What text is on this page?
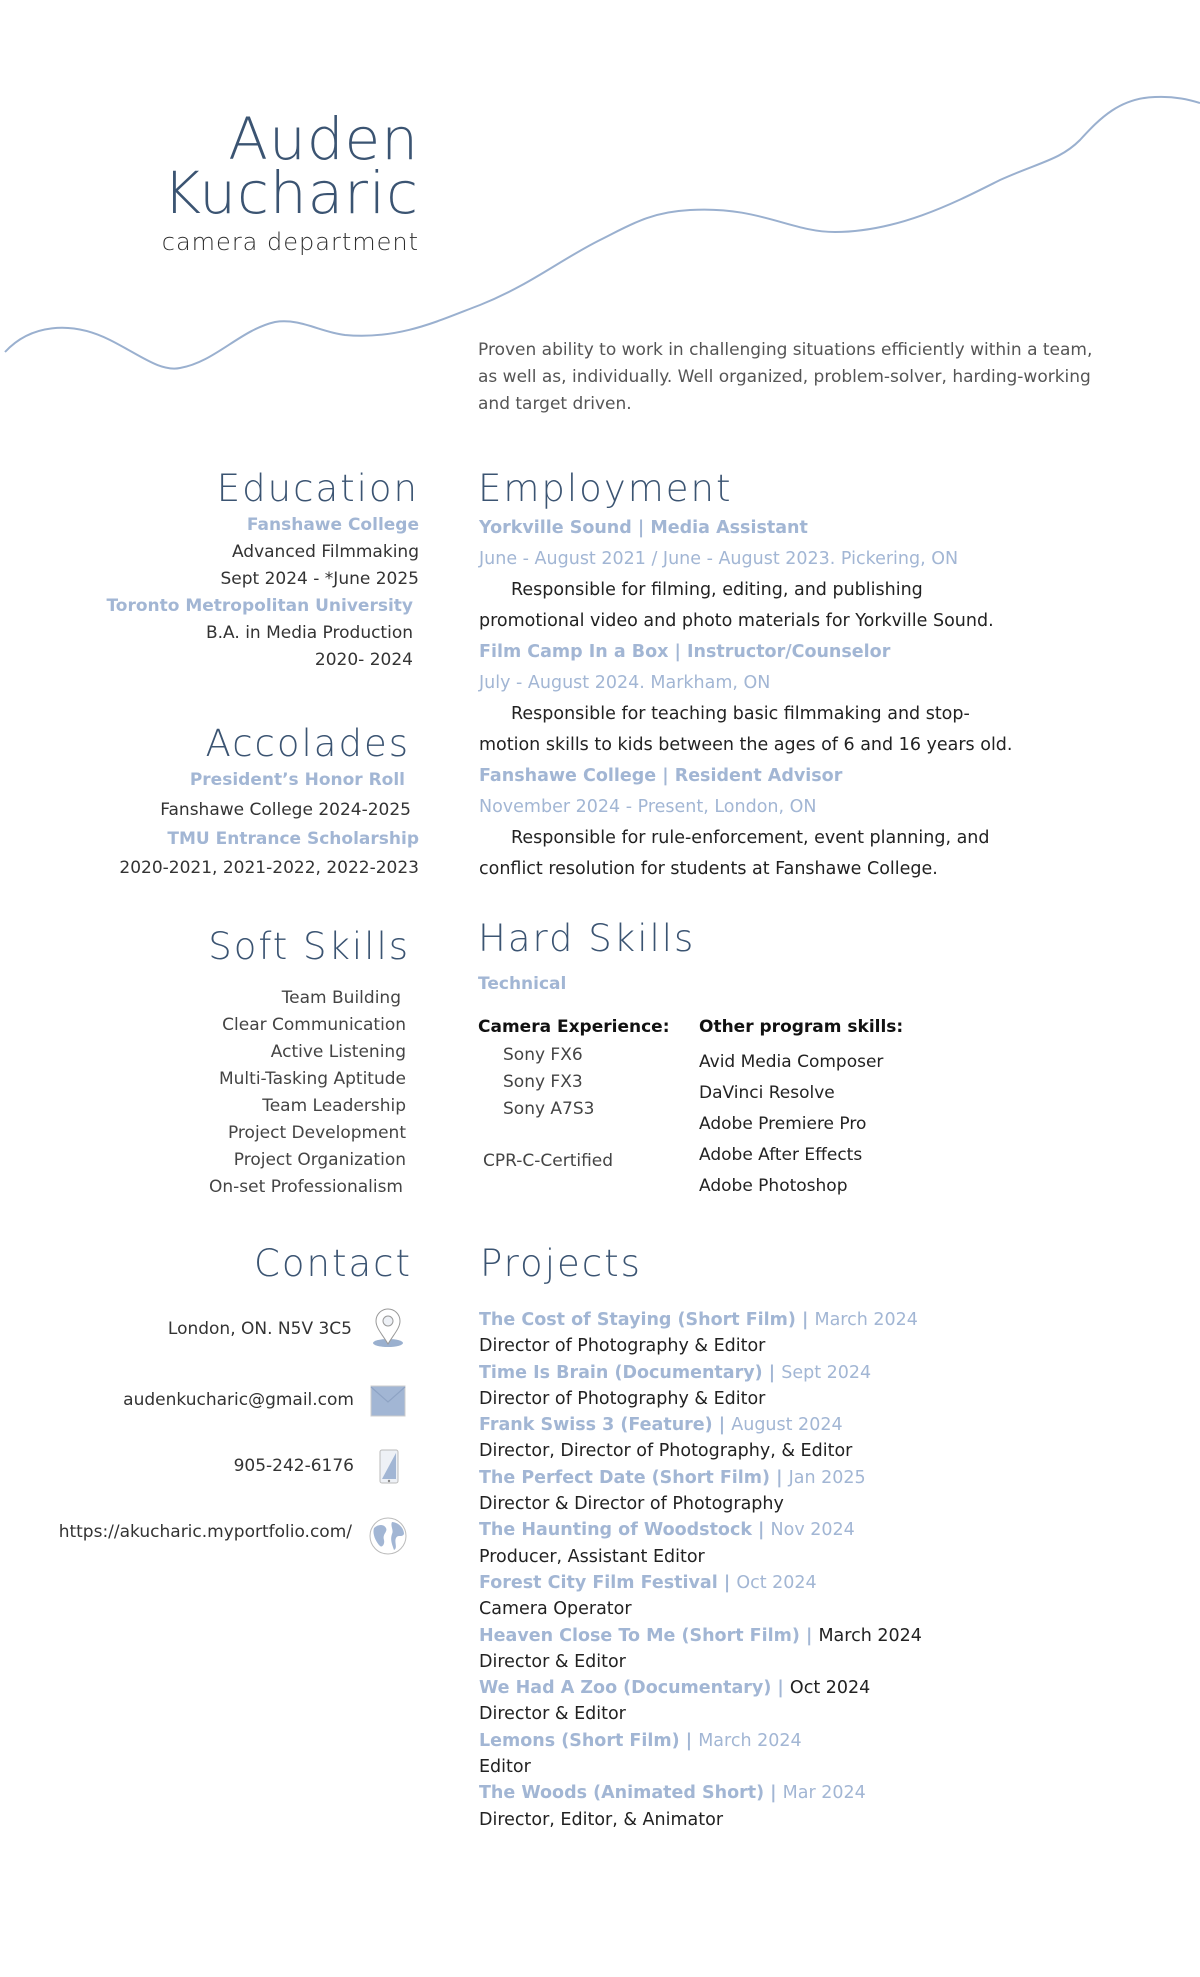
Auden
Kucharic
camera department
Proven ability to work in challenging situations efficiently within a team, as well as, individually. Well organized, problem-solver, harding-working and target driven.
Education
Fanshawe College
Advanced Filmmaking
Sept 2024 - *June 2025
Toronto Metropolitan University
B.A. in Media Production
2020- 2024
Accolades
President’s Honor Roll
Fanshawe College 2024-2025
TMU Entrance Scholarship
2020-2021, 2021-2022, 2022-2023
Employment
Yorkville Sound | Media Assistant
June - August 2021 / June - August 2023. Pickering, ON
Responsible for filming, editing, and publishing
promotional video and photo materials for Yorkville Sound.
Film Camp In a Box | Instructor/Counselor
July - August 2024. Markham, ON
Responsible for teaching basic filmmaking and stop-
motion skills to kids between the ages of 6 and 16 years old.
Fanshawe College | Resident Advisor
November 2024 - Present, London, ON
Responsible for rule-enforcement, event planning, and
conflict resolution for students at Fanshawe College.
Soft Skills
Team Building
Clear Communication
Active Listening
Multi-Tasking Aptitude
Team Leadership
Project Development
Project Organization
On-set Professionalism
Hard Skills
Technical
Camera Experience:
Sony FX6
Sony FX3
Sony A7S3
CPR-C-Certified
Other program skills:
Avid Media Composer
DaVinci Resolve
Adobe Premiere Pro
Adobe After Effects
Adobe Photoshop
Contact
London, ON. N5V 3C5
audenkucharic@gmail.com
905-242-6176
https://akucharic.myportfolio.com/
Projects
The Cost of Staying (Short Film) | March 2024
Director of Photography & Editor
Time Is Brain (Documentary) | Sept 2024
Director of Photography & Editor
Frank Swiss 3 (Feature) | August 2024
Director, Director of Photography, & Editor
The Perfect Date (Short Film) | Jan 2025
Director & Director of Photography
The Haunting of Woodstock | Nov 2024
Producer, Assistant Editor
Forest City Film Festival | Oct 2024
Camera Operator
Heaven Close To Me (Short Film) | March 2024
Director & Editor
We Had A Zoo (Documentary) | Oct 2024
Director & Editor
Lemons (Short Film) | March 2024
Editor
The Woods (Animated Short) | Mar 2024
Director, Editor, & Animator
